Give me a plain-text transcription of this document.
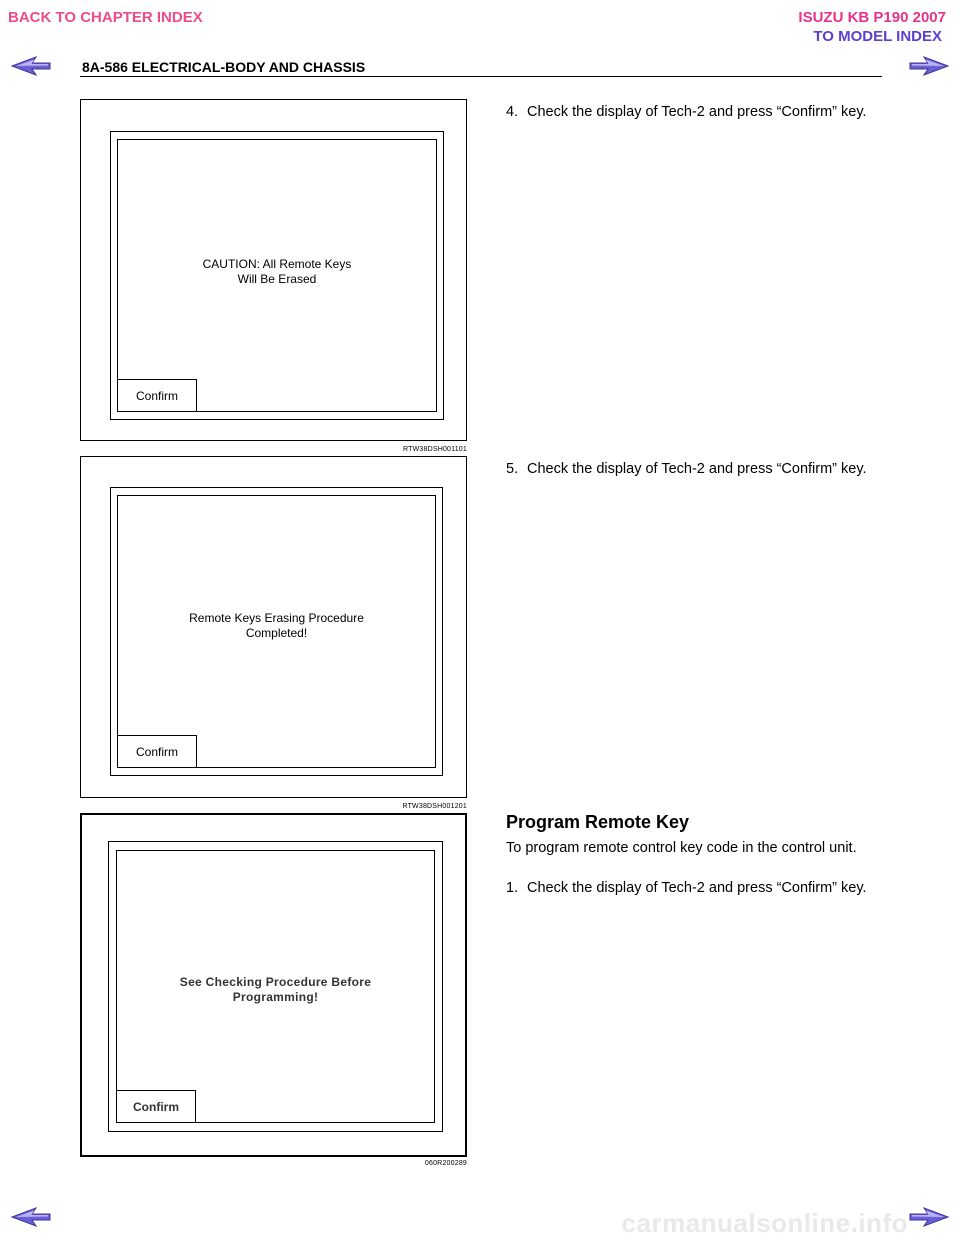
BACK TO CHAPTER INDEX	ISUZU KB P190 2007
TO MODEL INDEX
8A-586 ELECTRICAL-BODY AND CHASSIS
CAUTION: All Remote Keys
Will Be Erased
Confirm
RTW38DSH001101
Remote Keys Erasing Procedure
Completed!
Confirm
RTW38DSH001201
See Checking Procedure Before
Programming!
Confirm
060R200289
4. Check the display of Tech-2 and press “Confirm” key.
5. Check the display of Tech-2 and press “Confirm” key.
Program Remote Key
To program remote control key code in the control unit.
1. Check the display of Tech-2 and press “Confirm” key.
carmanualsonline.info
